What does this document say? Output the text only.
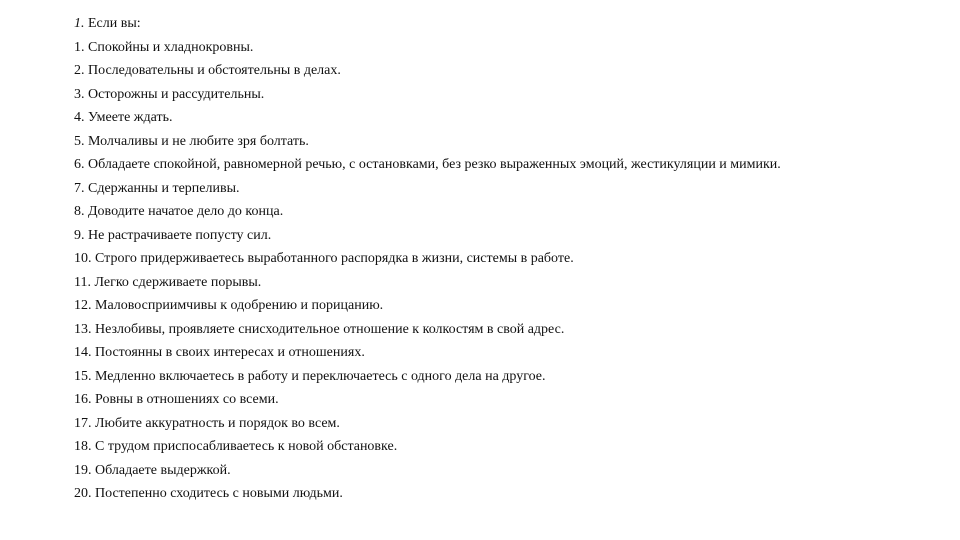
1. Если вы:
1. Спокойны и хладнокровны.
2. Последовательны и обстоятельны в делах.
3. Осторожны и рассудительны.
4. Умеете ждать.
5. Молчаливы и не любите зря болтать.
6. Обладаете спокойной, равномерной речью, с остановками, без резко выраженных эмоций, жестикуляции и мимики.
7. Сдержанны и терпеливы.
8. Доводите начатое дело до конца.
9. Не растрачиваете попусту сил.
10. Строго придерживаетесь выработанного распорядка в жизни, системы в работе.
11. Легко сдерживаете порывы.
12. Маловосприимчивы к одобрению и порицанию.
13. Незлобивы, проявляете снисходительное отношение к колкостям в свой адрес.
14. Постоянны в своих интересах и отношениях.
15. Медленно включаетесь в работу и переключаетесь с одного дела на другое.
16. Ровны в отношениях со всеми.
17. Любите аккуратность и порядок во всем.
18. С трудом приспосабливаетесь к новой обстановке.
19. Обладаете выдержкой.
20. Постепенно сходитесь с новыми людьми.
